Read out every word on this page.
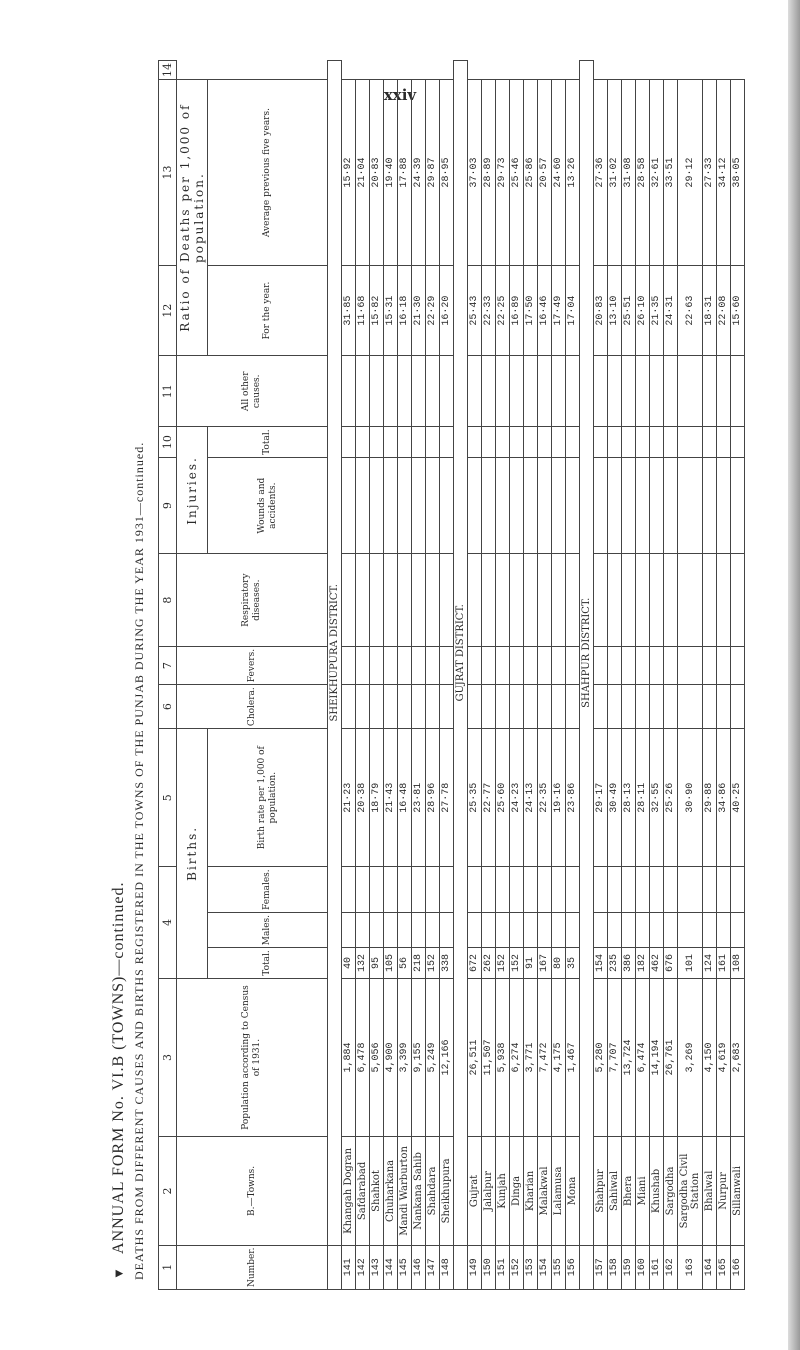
xxiv
▼ ANNUAL FORM No. VI.B (TOWNS)—continued. DEATHS FROM DIFFERENT CAUSES AND BIRTHS REGISTERED IN THE TOWNS OF THE PUNJAB DURING THE YEAR 1931—continued. 1	2	3	4			5	6	7	8	9	10	11	12	13	14
Number.	B.—Towns.	Population according to Census of 1931.	Births.				Cholera.	Fevers.	Respiratory diseases.	Injuries.		All other causes.	Ratio of Deaths per 1,000 of population.		
			Total.	Males.	Females.	Birth rate per 1,000 of population.				Wounds and accidents.	Total.		For the year.	Average previous five years.	
	SHEIKHUPURA DISTRICT.														
141	Khangah Dogran	1,884	40			21·23							31·85	15·92	
142	Safdarabad	6,478	132			20·38							11·68	21·04	
143	Shahkot	5,056	95			18·79							15·82	20·83	
144	Chuharkana	4,900	105			21·43							15·31	19·40	
145	Mandi Warburton	3,399	56			16·48							16·18	17·88	
146	Nankana Sahib	9,155	218			23·81							21·30	24·39	
147	Shahdara	5,249	152			28·96							22·29	29·87	
148	Sheikhupura	12,166	338			27·78							16·20	28·95	
	GUJRAT DISTRICT.														
149	Gujrat	26,511	672			25·35							25·43	37·03	
150	Jalalpur	11,507	262			22·77							22·33	28·89	
151	Kunjah	5,938	152			25·60							22·25	29·73	
152	Dinga	6,274	152			24·23							16·89	25·46	
153	Kharian	3,771	91			24·13							17·50	25·86	
154	Malakwal	7,472	167			22·35							16·46	20·57	
155	Lalamusa	4,175	80			19·16							17·49	24·60	
156	Mona	1,467	35			23·86							17·04	13·26	
	SHAHPUR DISTRICT.														
157	Shahpur	5,280	154			29·17							20·83	27·36	
158	Sahiwal	7,707	235			30·49							13·10	31·02	
159	Bhera	13,724	386			28·13							25·51	31·08	
160	Miani	6,474	182			28·11							26·10	28·58	
161	Khushab	14,194	462			32·55							21·35	32·61	
162	Sargodha	26,761	676			25·26							24·31	33·51	
163	Sargodha Civil Station	3,269	101			30·90							22·63	29·12	
164	Bhalwal	4,150	124			29·88							18·31	27·33	
165	Nurpur	4,619	161			34·86							22·08	34·12	
166	Sillanwali	2,683	108			40·25							15·60	38·05	
